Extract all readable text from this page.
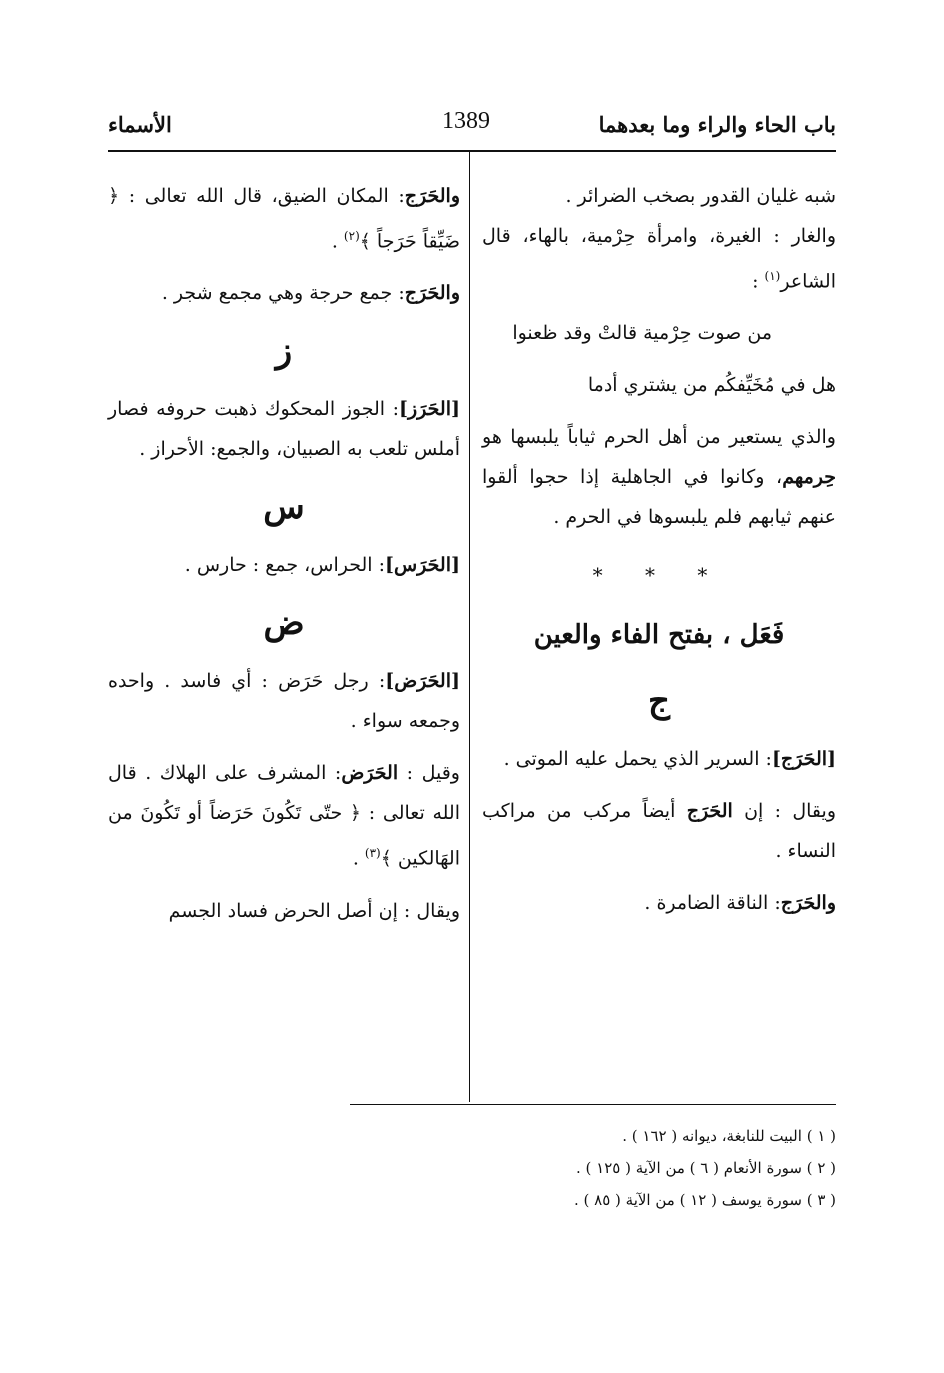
باب الحاء والراء وما بعدهما
1389
الأسماء

شبه غليان القدور بصخب الضرائر .

والغار : الغيرة، وامرأة حِرْمية، بالهاء، قال الشاعر$^{(١)}$ :

من صوت حِرْمية قالتْ وقد ظعنوا

هل في مُخَيِّفكُم من يشتري أدما

والذي يستعير من أهل الحرم ثياباً يلبسها هو حِرمهم، وكانوا في الجاهلية إذا حجوا ألقوا عنهم ثيابهم فلم يلبسوها في الحرم .

* * *
فَعَل ، بفتح الفاء والعين
ج

[الحَرَج]: السرير الذي يحمل عليه الموتى .

ويقال : إن الحَرَج أيضاً مركب من مراكب النساء .

والحَرَج: الناقة الضامرة .

والحَرَج: المكان الضيق، قال الله تعالى : ﴿ ضَيِّقاً حَرَجاً ﴾$^{(٢)}$ .

والحَرَج: جمع حرجة وهي مجمع شجر .

ز

[الحَرَز]: الجوز المحكوك ذهبت حروفه فصار أملس تلعب به الصبيان، والجمع: الأحراز .

س

[الحَرَس]: الحراس، جمع : حارس .

ض

[الحَرَض]: رجل حَرَض : أي فاسد . واحده وجمعه سواء .

وقيل : الحَرَض: المشرف على الهلاك . قال الله تعالى : ﴿ حتّى تَكُونَ حَرَضاً أو تَكُونَ من الهَالكين ﴾$^{(٣)}$ .

ويقال : إن أصل الحرض فساد الجسم

( ١ ) البيت للنابغة، ديوانه ( ١٦٢ ) .

( ٢ ) سورة الأنعام ( ٦ ) من الآية ( ١٢٥ ) .

( ٣ ) سورة يوسف ( ١٢ ) من الآية ( ٨٥ ) .
